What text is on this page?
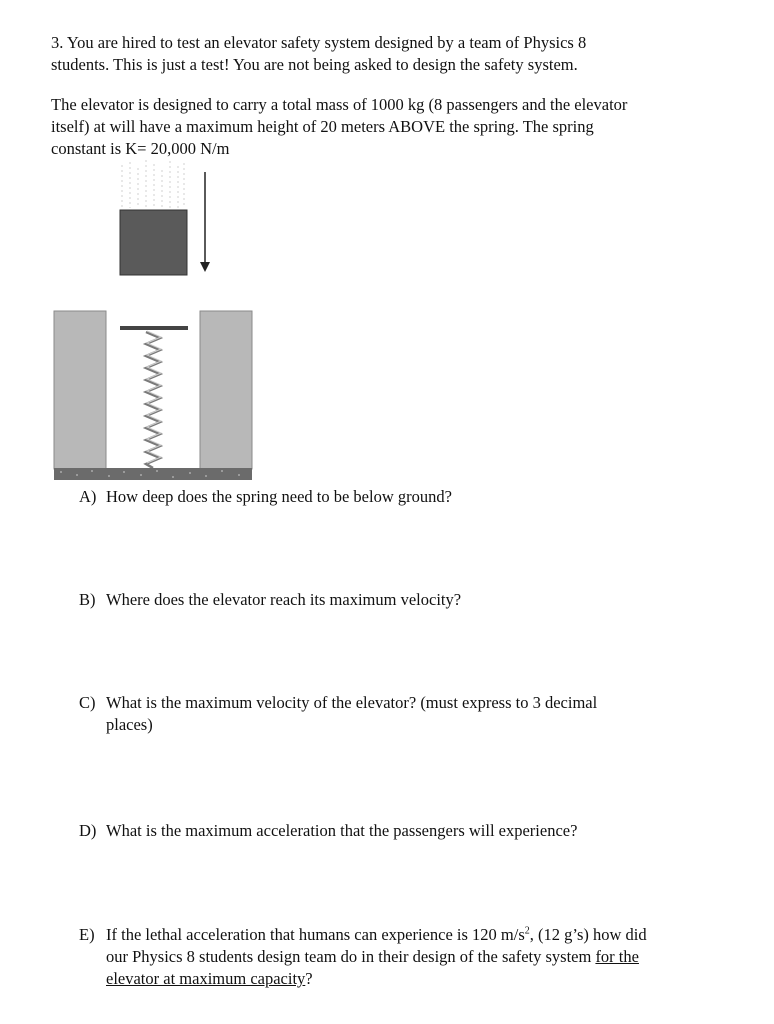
3. You are hired to test an elevator safety system designed by a team of Physics 8
students. This is just a test! You are not being asked to design the safety system.

The elevator is designed to carry a total mass of 1000 kg (8 passengers and the elevator
itself) at will have a maximum height of 20 meters ABOVE the spring. The spring
constant is K= 20,000 N/m

A) How deep does the spring need to be below ground?

B) Where does the elevator reach its maximum velocity?

C) What is the maximum velocity of the elevator? (must express to 3 decimal
places)

D) What is the maximum acceleration that the passengers will experience?

E) If the lethal acceleration that humans can experience is 120 $m/s^2$, (12 g’s) how did
our Physics 8 students design team do in their design of the safety system for the
elevator at maximum capacity?
